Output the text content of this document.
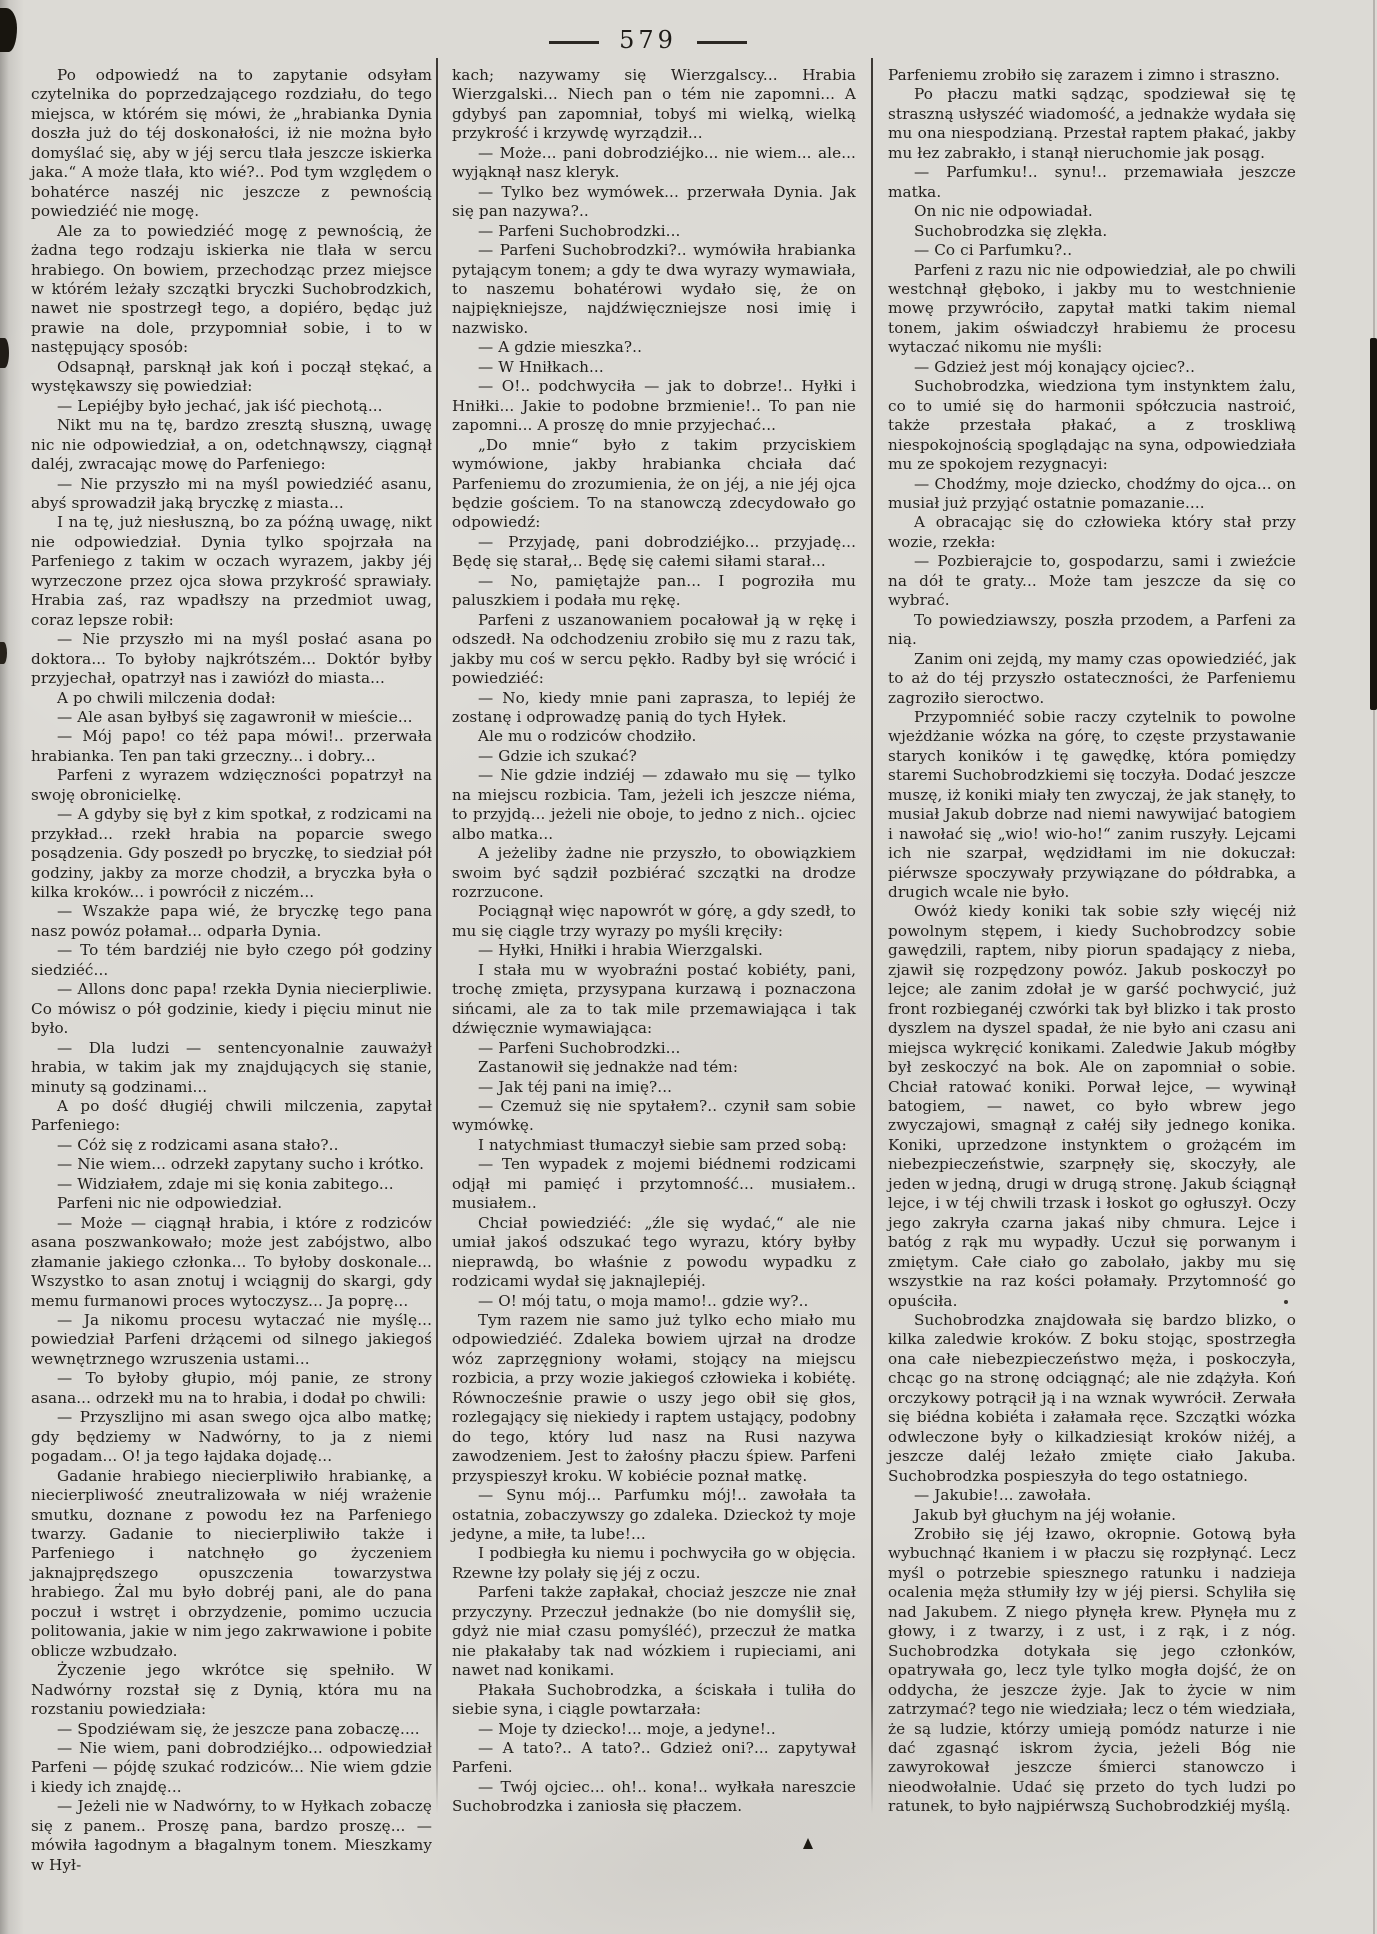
579

Po odpowiedź na to zapytanie odsyłam czytelnika do poprzedzającego rozdziału, do tego miejsca, w którém się mówi, że „hrabianka Dynia doszła już do téj doskonałości, iż nie można było domyślać się, aby w jéj sercu tlała jeszcze iskierka jaka.“ A może tlała, kto wié?.. Pod tym względem o bohatérce naszéj nic jeszcze z pewnością powiedziéć nie mogę.

Ale za to powiedziéć mogę z pewnością, że żadna tego rodzaju iskierka nie tlała w sercu hrabiego. On bowiem, przechodząc przez miejsce w którém leżały szczątki bryczki Suchobrodzkich, nawet nie spostrzegł tego, a dopiéro, będąc już prawie na dole, przypomniał sobie, i to w następujący sposób:

Odsapnął, parsknął jak koń i począł stękać, a wystękawszy się powiedział:

— Lepiéjby było jechać, jak iść piechotą...

Nikt mu na tę, bardzo zresztą słuszną, uwagę nic nie odpowiedział, a on, odetchnąwszy, ciągnął daléj, zwracając mowę do Parfeniego:

— Nie przyszło mi na myśl powiedziéć asanu, abyś sprowadził jaką bryczkę z miasta...

I na tę, już niesłuszną, bo za późną uwagę, nikt nie odpowiedział. Dynia tylko spojrzała na Parfeniego z takim w oczach wyrazem, jakby jéj wyrzeczone przez ojca słowa przykrość sprawiały. Hrabia zaś, raz wpadłszy na przedmiot uwag, coraz lepsze robił:

— Nie przyszło mi na myśl posłać asana po doktora... To byłoby najkrótszém... Doktór byłby przyjechał, opatrzył nas i zawiózł do miasta...

A po chwili milczenia dodał:

— Ale asan byłbyś się zagawronił w mieście...

— Mój papo! co téż papa mówi!.. przerwała hrabianka. Ten pan taki grzeczny... i dobry...

Parfeni z wyrazem wdzięczności popatrzył na swoję obronicielkę.

— A gdyby się był z kim spotkał, z rodzicami na przykład... rzekł hrabia na poparcie swego posądzenia. Gdy poszedł po bryczkę, to siedział pół godziny, jakby za morze chodził, a bryczka była o kilka kroków... i powrócił z niczém...

— Wszakże papa wié, że bryczkę tego pana nasz powóz połamał... odparła Dynia.

— To tém bardziéj nie było czego pół godziny siedziéć...

— Allons donc papa! rzekła Dynia niecierpliwie. Co mówisz o pół godzinie, kiedy i pięciu minut nie było.

— Dla ludzi — sentencyonalnie zauważył hrabia, w takim jak my znajdujących się stanie, minuty są godzinami...

A po dość długiéj chwili milczenia, zapytał Parfeniego:

— Cóż się z rodzicami asana stało?..

— Nie wiem... odrzekł zapytany sucho i krótko.

— Widziałem, zdaje mi się konia zabitego...

Parfeni nic nie odpowiedział.

— Może — ciągnął hrabia, i które z rodziców asana poszwankowało; może jest zabójstwo, albo złamanie jakiego członka... To byłoby doskonale... Wszystko to asan znotuj i wciągnij do skargi, gdy memu furmanowi proces wytoczysz... Ja poprę...

— Ja nikomu procesu wytaczać nie myślę... powiedział Parfeni drżącemi od silnego jakiegoś wewnętrznego wzruszenia ustami...

— To byłoby głupio, mój panie, ze strony asana... odrzekł mu na to hrabia, i dodał po chwili:

— Przyszlijno mi asan swego ojca albo matkę; gdy będziemy w Nadwórny, to ja z niemi pogadam... O! ja tego łajdaka dojadę...

Gadanie hrabiego niecierpliwiło hrabiankę, a niecierpliwość zneutralizowała w niéj wrażenie smutku, doznane z powodu łez na Parfeniego twarzy. Gadanie to niecierpliwiło także i Parfeniego i natchnęło go życzeniem jaknajprędszego opuszczenia towarzystwa hrabiego. Żal mu było dobréj pani, ale do pana poczuł i wstręt i obrzydzenie, pomimo uczucia politowania, jakie w nim jego zakrwawione i pobite oblicze wzbudzało.

Życzenie jego wkrótce się spełniło. W Nadwórny rozstał się z Dynią, która mu na rozstaniu powiedziała:

— Spodziéwam się, że jeszcze pana zobaczę....

— Nie wiem, pani dobrodziéjko... odpowiedział Parfeni — pójdę szukać rodziców... Nie wiem gdzie i kiedy ich znajdę...

— Jeżeli nie w Nadwórny, to w Hyłkach zobaczę się z panem.. Proszę pana, bardzo proszę... — mówiła łagodnym a błagalnym tonem. Mieszkamy w Hył-

kach; nazywamy się Wierzgalscy... Hrabia Wierzgalski... Niech pan o tém nie zapomni... A gdybyś pan zapomniał, tobyś mi wielką, wielką przykrość i krzywdę wyrządził...

— Może... pani dobrodziéjko... nie wiem... ale... wyjąknął nasz kleryk.

— Tylko bez wymówek... przerwała Dynia. Jak się pan nazywa?..

— Parfeni Suchobrodzki...

— Parfeni Suchobrodzki?.. wymówiła hrabianka pytającym tonem; a gdy te dwa wyrazy wymawiała, to naszemu bohatérowi wydało się, że on najpiękniejsze, najdźwięczniejsze nosi imię i nazwisko.

— A gdzie mieszka?..

— W Hniłkach...

— O!.. podchwyciła — jak to dobrze!.. Hyłki i Hniłki... Jakie to podobne brzmienie!.. To pan nie zapomni... A proszę do mnie przyjechać...

„Do mnie“ było z takim przyciskiem wymówione, jakby hrabianka chciała dać Parfeniemu do zrozumienia, że on jéj, a nie jéj ojca będzie gościem. To na stanowczą zdecydowało go odpowiedź:

— Przyjadę, pani dobrodziéjko... przyjadę... Będę się starał,.. Będę się całemi siłami starał...

— No, pamiętajże pan... I pogroziła mu paluszkiem i podała mu rękę.

Parfeni z uszanowaniem pocałował ją w rękę i odszedł. Na odchodzeniu zrobiło się mu z razu tak, jakby mu coś w sercu pękło. Radby był się wrócić i powiedziéć:

— No, kiedy mnie pani zaprasza, to lepiéj że zostanę i odprowadzę panią do tych Hyłek.

Ale mu o rodziców chodziło.

— Gdzie ich szukać?

— Nie gdzie indziéj — zdawało mu się — tylko na miejscu rozbicia. Tam, jeżeli ich jeszcze niéma, to przyjdą... jeżeli nie oboje, to jedno z nich.. ojciec albo matka...

A jeżeliby żadne nie przyszło, to obowiązkiem swoim być sądził pozbiérać szczątki na drodze rozrzucone.

Pociągnął więc napowrót w górę, a gdy szedł, to mu się ciągle trzy wyrazy po myśli kręciły:

— Hyłki, Hniłki i hrabia Wierzgalski.

I stała mu w wyobraźni postać kobiéty, pani, trochę zmięta, przysypana kurzawą i poznaczona sińcami, ale za to tak mile przemawiająca i tak dźwięcznie wymawiająca:

— Parfeni Suchobrodzki...

Zastanowił się jednakże nad tém:

— Jak téj pani na imię?...

— Czemuż się nie spytałem?.. czynił sam sobie wymówkę.

I natychmiast tłumaczył siebie sam przed sobą:

— Ten wypadek z mojemi biédnemi rodzicami odjął mi pamięć i przytomność... musiałem.. musiałem..

Chciał powiedziéć: „źle się wydać,“ ale nie umiał jakoś odszukać tego wyrazu, który byłby nieprawdą, bo właśnie z powodu wypadku z rodzicami wydał się jaknajlepiéj.

— O! mój tatu, o moja mamo!.. gdzie wy?..

Tym razem nie samo już tylko echo miało mu odpowiedziéć. Zdaleka bowiem ujrzał na drodze wóz zaprzęgniony wołami, stojący na miejscu rozbicia, a przy wozie jakiegoś człowieka i kobiétę. Równocześnie prawie o uszy jego obił się głos, rozlegający się niekiedy i raptem ustający, podobny do tego, który lud nasz na Rusi nazywa zawodzeniem. Jest to żałośny płaczu śpiew. Parfeni przyspieszył kroku. W kobiécie poznał matkę.

— Synu mój... Parfumku mój!.. zawołała ta ostatnia, zobaczywszy go zdaleka. Dzieckoż ty moje jedyne, a miłe, ta lube!...

I podbiegła ku niemu i pochwyciła go w objęcia. Rzewne łzy polały się jéj z oczu.

Parfeni także zapłakał, chociaż jeszcze nie znał przyczyny. Przeczuł jednakże (bo nie domyślił się, gdyż nie miał czasu pomyśléć), przeczuł że matka nie płakałaby tak nad wózkiem i rupieciami, ani nawet nad konikami.

Płakała Suchobrodzka, a ściskała i tuliła do siebie syna, i ciągle powtarzała:

— Moje ty dziecko!... moje, a jedyne!..

— A tato?.. A tato?.. Gdzież oni?... zapytywał Parfeni.

— Twój ojciec... oh!.. kona!.. wyłkała nareszcie Suchobrodzka i zaniosła się płaczem.

Parfeniemu zrobiło się zarazem i zimno i straszno.

Po płaczu matki sądząc, spodziewał się tę straszną usłyszéć wiadomość, a jednakże wydała się mu ona niespodzianą. Przestał raptem płakać, jakby mu łez zabrakło, i stanął nieruchomie jak posąg.

— Parfumku!.. synu!.. przemawiała jeszcze matka.

On nic nie odpowiadał.

Suchobrodzka się zlękła.

— Co ci Parfumku?..

Parfeni z razu nic nie odpowiedział, ale po chwili westchnął głęboko, i jakby mu to westchnienie mowę przywróciło, zapytał matki takim niemal tonem, jakim oświadczył hrabiemu że procesu wytaczać nikomu nie myśli:

— Gdzież jest mój konający ojciec?..

Suchobrodzka, wiedziona tym instynktem żalu, co to umié się do harmonii spółczucia nastroić, także przestała płakać, a z troskliwą niespokojnością spoglądając na syna, odpowiedziała mu ze spokojem rezygnacyi:

— Chodźmy, moje dziecko, chodźmy do ojca... on musiał już przyjąć ostatnie pomazanie....

A obracając się do człowieka który stał przy wozie, rzekła:

— Pozbierajcie to, gospodarzu, sami i zwieźcie na dół te graty... Może tam jeszcze da się co wybrać.

To powiedziawszy, poszła przodem, a Parfeni za nią.

Zanim oni zejdą, my mamy czas opowiedziéć, jak to aż do téj przyszło ostateczności, że Parfeniemu zagroziło sieroctwo.

Przypomniéć sobie raczy czytelnik to powolne wjeżdżanie wózka na górę, to częste przystawanie starych koników i tę gawędkę, która pomiędzy staremi Suchobrodzkiemi się toczyła. Dodać jeszcze muszę, iż koniki miały ten zwyczaj, że jak stanęły, to musiał Jakub dobrze nad niemi nawywijać batogiem i nawołać się „wio! wio-ho!“ zanim ruszyły. Lejcami ich nie szarpał, wędzidłami im nie dokuczał: piérwsze spoczywały przywiązane do półdrabka, a drugich wcale nie było.

Owóż kiedy koniki tak sobie szły więcéj niż powolnym stępem, i kiedy Suchobrodzcy sobie gawędzili, raptem, niby piorun spadający z nieba, zjawił się rozpędzony powóz. Jakub poskoczył po lejce; ale zanim zdołał je w garść pochwycić, już front rozbieganéj czwórki tak był blizko i tak prosto dyszlem na dyszel spadał, że nie było ani czasu ani miejsca wykręcić konikami. Zaledwie Jakub mógłby był zeskoczyć na bok. Ale on zapomniał o sobie. Chciał ratować koniki. Porwał lejce, — wywinął batogiem, — nawet, co było wbrew jego zwyczajowi, smagnął z całéj siły jednego konika. Koniki, uprzedzone instynktem o grożącém im niebezpieczeństwie, szarpnęły się, skoczyły, ale jeden w jedną, drugi w drugą stronę. Jakub ściągnął lejce, i w téj chwili trzask i łoskot go ogłuszył. Oczy jego zakryła czarna jakaś niby chmura. Lejce i batóg z rąk mu wypadły. Uczuł się porwanym i zmiętym. Całe ciało go zabolało, jakby mu się wszystkie na raz kości połamały. Przytomność go opuściła.

Suchobrodzka znajdowała się bardzo blizko, o kilka zaledwie kroków. Z boku stojąc, spostrzegła ona całe niebezpieczeństwo męża, i poskoczyła, chcąc go na stronę odciągnąć; ale nie zdążyła. Koń orczykowy potrącił ją i na wznak wywrócił. Zerwała się biédna kobiéta i załamała ręce. Szczątki wózka odwleczone były o kilkadziesiąt kroków niżéj, a jeszcze daléj leżało zmięte ciało Jakuba. Suchobrodzka pospieszyła do tego ostatniego.

— Jakubie!... zawołała.

Jakub był głuchym na jéj wołanie.

Zrobiło się jéj łzawo, okropnie. Gotową była wybuchnąć łkaniem i w płaczu się rozpłynąć. Lecz myśl o potrzebie spiesznego ratunku i nadzieja ocalenia męża stłumiły łzy w jéj piersi. Schyliła się nad Jakubem. Z niego płynęła krew. Płynęła mu z głowy, i z twarzy, i z ust, i z rąk, i z nóg. Suchobrodzka dotykała się jego członków, opatrywała go, lecz tyle tylko mogła dojść, że on oddycha, że jeszcze żyje. Jak to życie w nim zatrzymać? tego nie wiedziała; lecz o tém wiedziała, że są ludzie, którzy umieją pomódz naturze i nie dać zgasnąć iskrom życia, jeżeli Bóg nie zawyrokował jeszcze śmierci stanowczo i nieodwołalnie. Udać się przeto do tych ludzi po ratunek, to było najpiérwszą Suchobrodzkiéj myślą.
